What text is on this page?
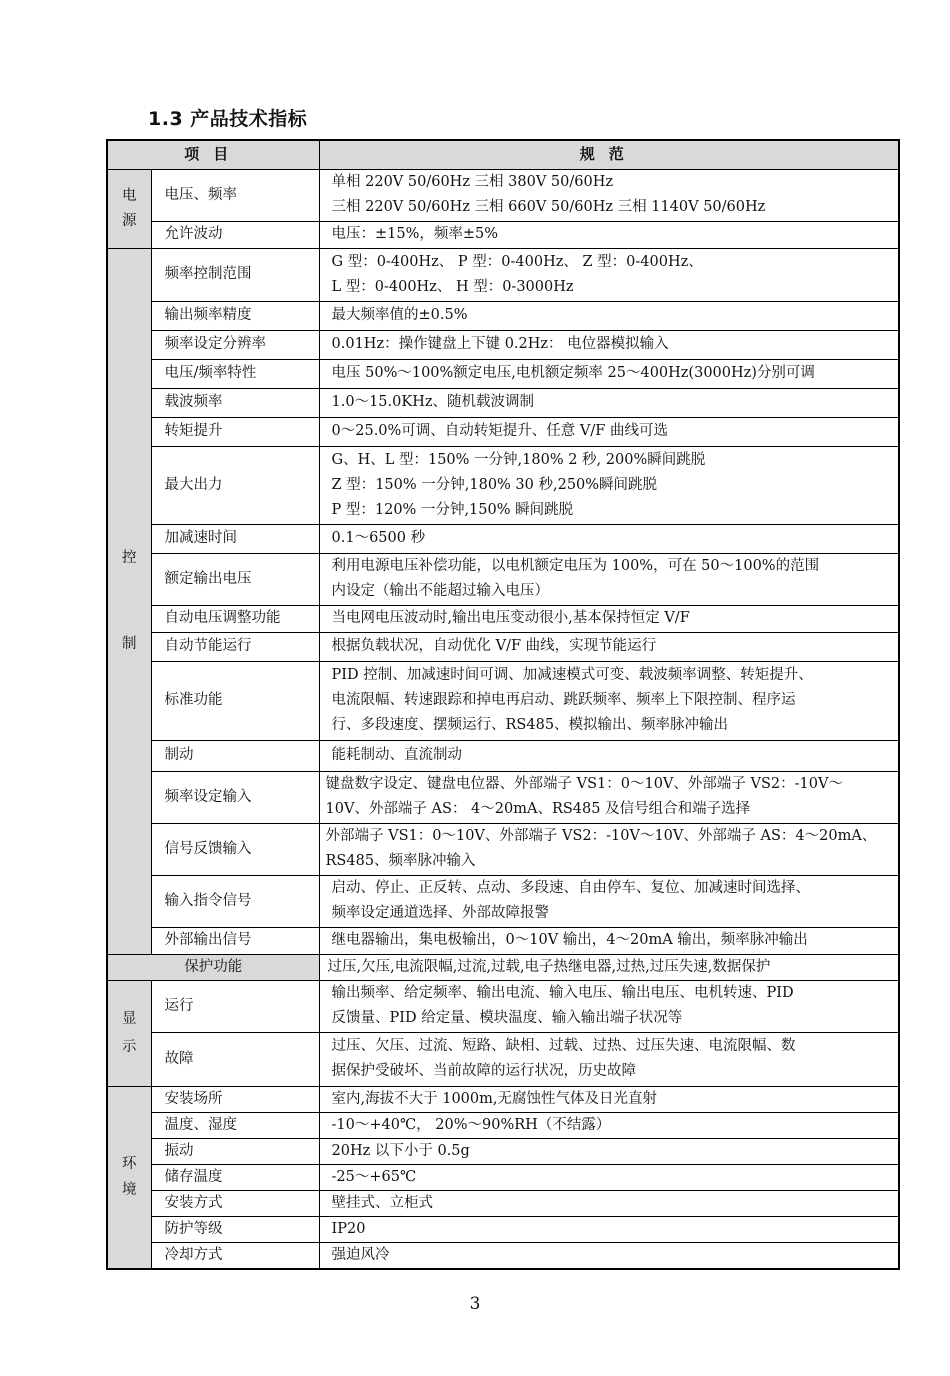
1.3 产品技术指标
项目		规范

电源	电压、频率	单相 220V 50/60Hz 三相 380V 50/60Hz
三相 220V 50/60Hz 三相 660V 50/60Hz 三相 1140V 50/60Hz

	允许波动	电压：±15%，频率±5%

控制	频率控制范围	G 型：0-400Hz、 P 型：0-400Hz、 Z 型：0-400Hz、
L 型：0-400Hz、 H 型：0-3000Hz

	输出频率精度	最大频率值的±0.5%

	频率设定分辨率	0.01Hz：操作键盘上下键 0.2Hz： 电位器模拟输入

	电压/频率特性	电压 50%～100%额定电压,电机额定频率 25～400Hz(3000Hz)分别可调

	载波频率	1.0～15.0KHz、随机载波调制

	转矩提升	0～25.0%可调、自动转矩提升、任意 V/F 曲线可选

	最大出力	G、H、L 型：150% 一分钟,180% 2 秒, 200%瞬间跳脱
Z 型：150% 一分钟,180% 30 秒,250%瞬间跳脱
P 型：120% 一分钟,150% 瞬间跳脱

	加减速时间	0.1～6500 秒

	额定输出电压	利用电源电压补偿功能，以电机额定电压为 100%，可在 50～100%的范围
内设定（输出不能超过输入电压）

	自动电压调整功能	当电网电压波动时,输出电压变动很小,基本保持恒定 V/F

	自动节能运行	根据负载状况，自动优化 V/F 曲线，实现节能运行

	标准功能	PID 控制、加减速时间可调、加减速模式可变、载波频率调整、转矩提升、
电流限幅、转速跟踪和掉电再启动、跳跃频率、频率上下限控制、程序运
行、多段速度、摆频运行、RS485、模拟输出、频率脉冲输出

	制动	能耗制动、直流制动

	频率设定输入	键盘数字设定、键盘电位器、外部端子 VS1：0～10V、外部端子 VS2：-10V～
10V、外部端子 AS： 4～20mA、RS485 及信号组合和端子选择

	信号反馈输入	外部端子 VS1：0～10V、外部端子 VS2：-10V～10V、外部端子 AS：4～20mA、
RS485、频率脉冲输入

	输入指令信号	启动、停止、正反转、点动、多段速、自由停车、复位、加减速时间选择、
频率设定通道选择、外部故障报警

	外部输出信号	继电器输出，集电极输出，0～10V 输出，4～20mA 输出，频率脉冲输出

保护功能		过压,欠压,电流限幅,过流,过载,电子热继电器,过热,过压失速,数据保护

显示	运行	输出频率、给定频率、输出电流、输入电压、输出电压、电机转速、PID
反馈量、PID 给定量、模块温度、输入输出端子状况等

	故障	过压、欠压、过流、短路、缺相、过载、过热、过压失速、电流限幅、数
据保护受破坏、当前故障的运行状况，历史故障

环境	安装场所	室内,海拔不大于 1000m,无腐蚀性气体及日光直射

	温度、湿度	-10～+40℃， 20%～90%RH（不结露）

	振动	20Hz 以下小于 0.5g

	储存温度	-25～+65℃

	安装方式	壁挂式、立柜式

	防护等级	IP20

	冷却方式	强迫风冷
3
